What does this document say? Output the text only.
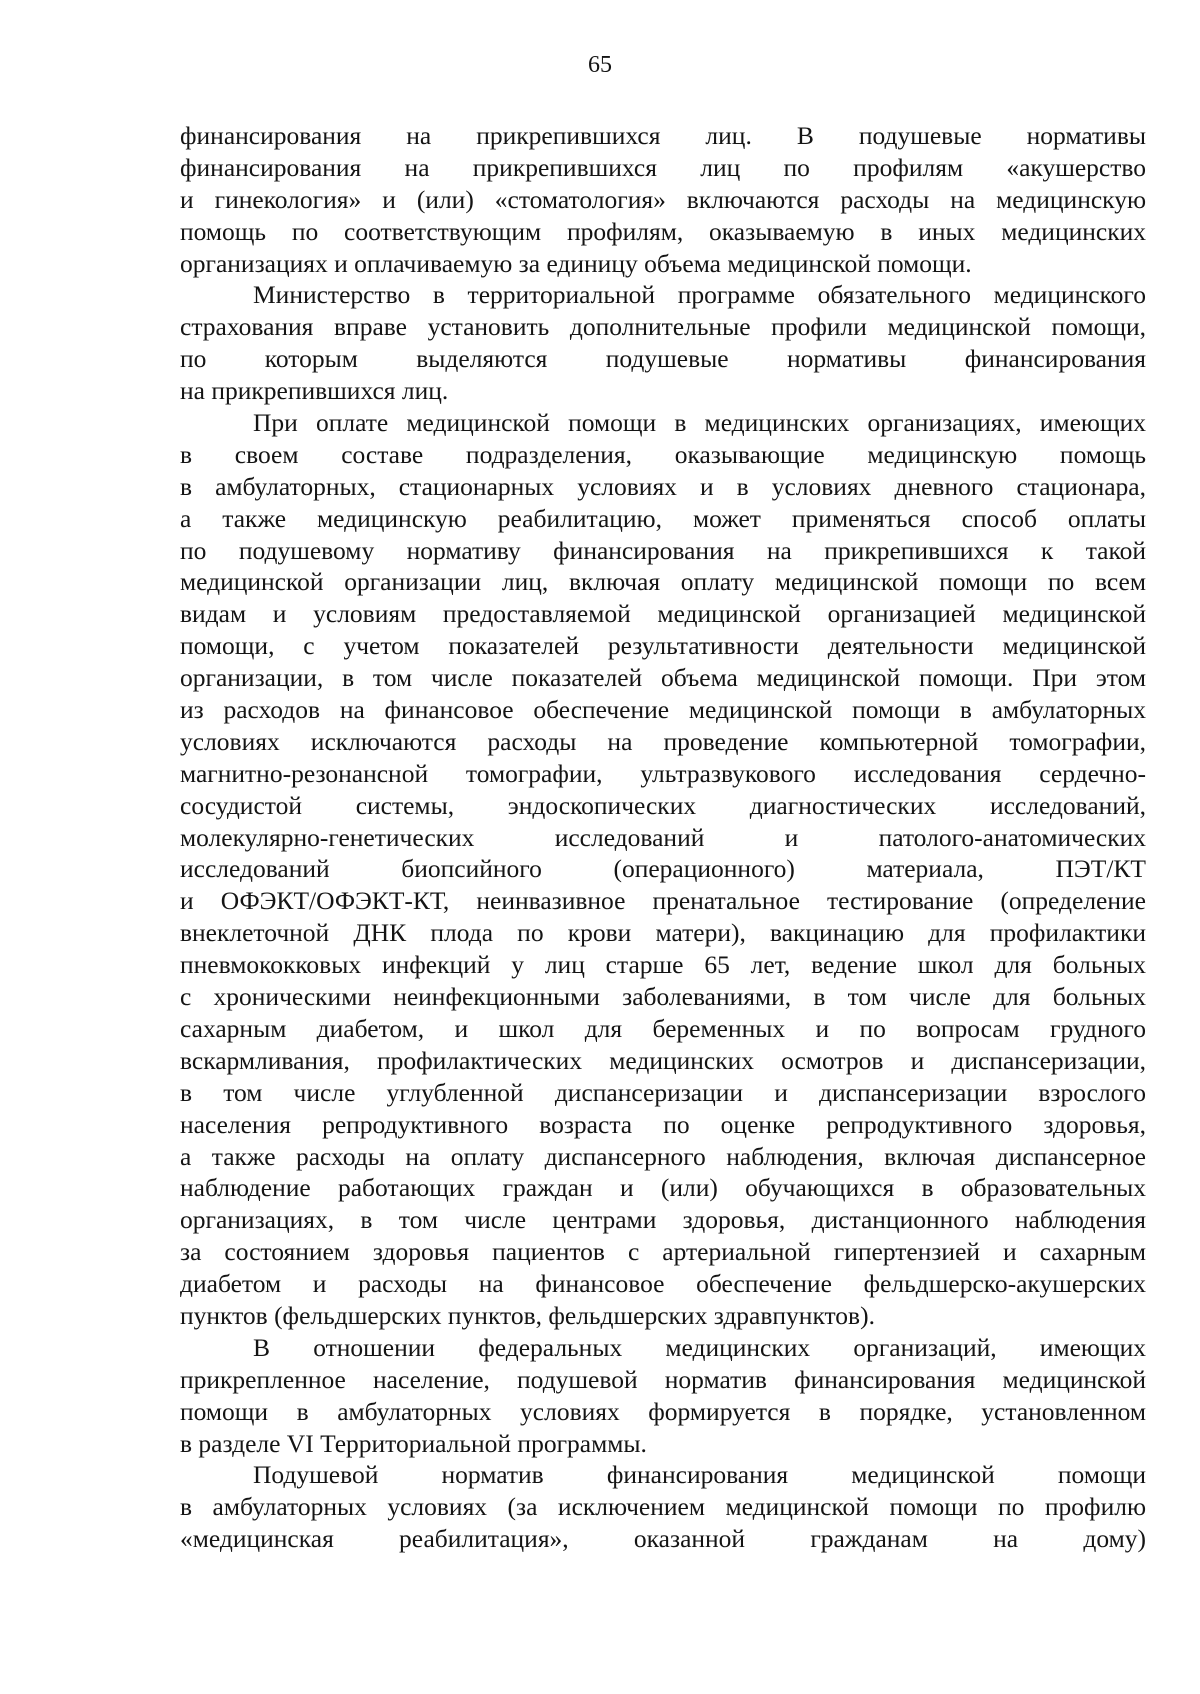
65
финансирования на прикрепившихся лиц. В подушевые нормативы
финансирования на прикрепившихся лиц по профилям «акушерство
и гинекология» и (или) «стоматология» включаются расходы на медицинскую
помощь по соответствующим профилям, оказываемую в иных медицинских
организациях и оплачиваемую за единицу объема медицинской помощи.
Министерство в территориальной программе обязательного медицинского
страхования вправе установить дополнительные профили медицинской помощи,
по которым выделяются подушевые нормативы финансирования
на прикрепившихся лиц.
При оплате медицинской помощи в медицинских организациях, имеющих
в своем составе подразделения, оказывающие медицинскую помощь
в амбулаторных, стационарных условиях и в условиях дневного стационара,
а также медицинскую реабилитацию, может применяться способ оплаты
по подушевому нормативу финансирования на прикрепившихся к такой
медицинской организации лиц, включая оплату медицинской помощи по всем
видам и условиям предоставляемой медицинской организацией медицинской
помощи, с учетом показателей результативности деятельности медицинской
организации, в том числе показателей объема медицинской помощи. При этом
из расходов на финансовое обеспечение медицинской помощи в амбулаторных
условиях исключаются расходы на проведение компьютерной томографии,
магнитно-резонансной томографии, ультразвукового исследования сердечно-
сосудистой системы, эндоскопических диагностических исследований,
молекулярно-генетических исследований и патолого-анатомических
исследований биопсийного (операционного) материала, ПЭТ/КТ
и ОФЭКТ/ОФЭКТ-КТ, неинвазивное пренатальное тестирование (определение
внеклеточной ДНК плода по крови матери), вакцинацию для профилактики
пневмококковых инфекций у лиц старше 65 лет, ведение школ для больных
с хроническими неинфекционными заболеваниями, в том числе для больных
сахарным диабетом, и школ для беременных и по вопросам грудного
вскармливания, профилактических медицинских осмотров и диспансеризации,
в том числе углубленной диспансеризации и диспансеризации взрослого
населения репродуктивного возраста по оценке репродуктивного здоровья,
а также расходы на оплату диспансерного наблюдения, включая диспансерное
наблюдение работающих граждан и (или) обучающихся в образовательных
организациях, в том числе центрами здоровья, дистанционного наблюдения
за состоянием здоровья пациентов с артериальной гипертензией и сахарным
диабетом и расходы на финансовое обеспечение фельдшерско-акушерских
пунктов (фельдшерских пунктов, фельдшерских здравпунктов).
В отношении федеральных медицинских организаций, имеющих
прикрепленное население, подушевой норматив финансирования медицинской
помощи в амбулаторных условиях формируется в порядке, установленном
в разделе VI Территориальной программы.
Подушевой норматив финансирования медицинской помощи
в амбулаторных условиях (за исключением медицинской помощи по профилю
«медицинская реабилитация», оказанной гражданам на дому)
